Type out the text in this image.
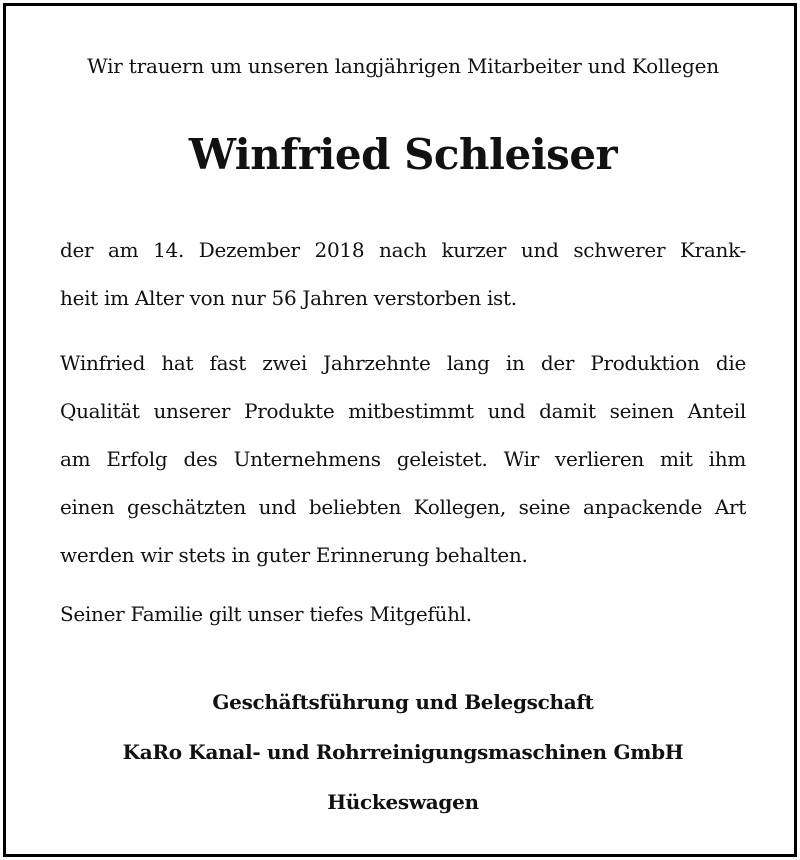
Wir trauern um unseren langjährigen Mitarbeiter und Kollegen
Winfried Schleiser
der am 14. Dezember 2018 nach kurzer und schwerer Krank-
heit im Alter von nur 56 Jahren verstorben ist.
Winfried hat fast zwei Jahrzehnte lang in der Produktion die
Qualität unserer Produkte mitbestimmt und damit seinen Anteil
am Erfolg des Unternehmens geleistet. Wir verlieren mit ihm
einen geschätzten und beliebten Kollegen, seine anpackende Art
werden wir stets in guter Erinnerung behalten.
Seiner Familie gilt unser tiefes Mitgefühl.
Geschäftsführung und Belegschaft
KaRo Kanal- und Rohrreinigungsmaschinen GmbH
Hückeswagen
